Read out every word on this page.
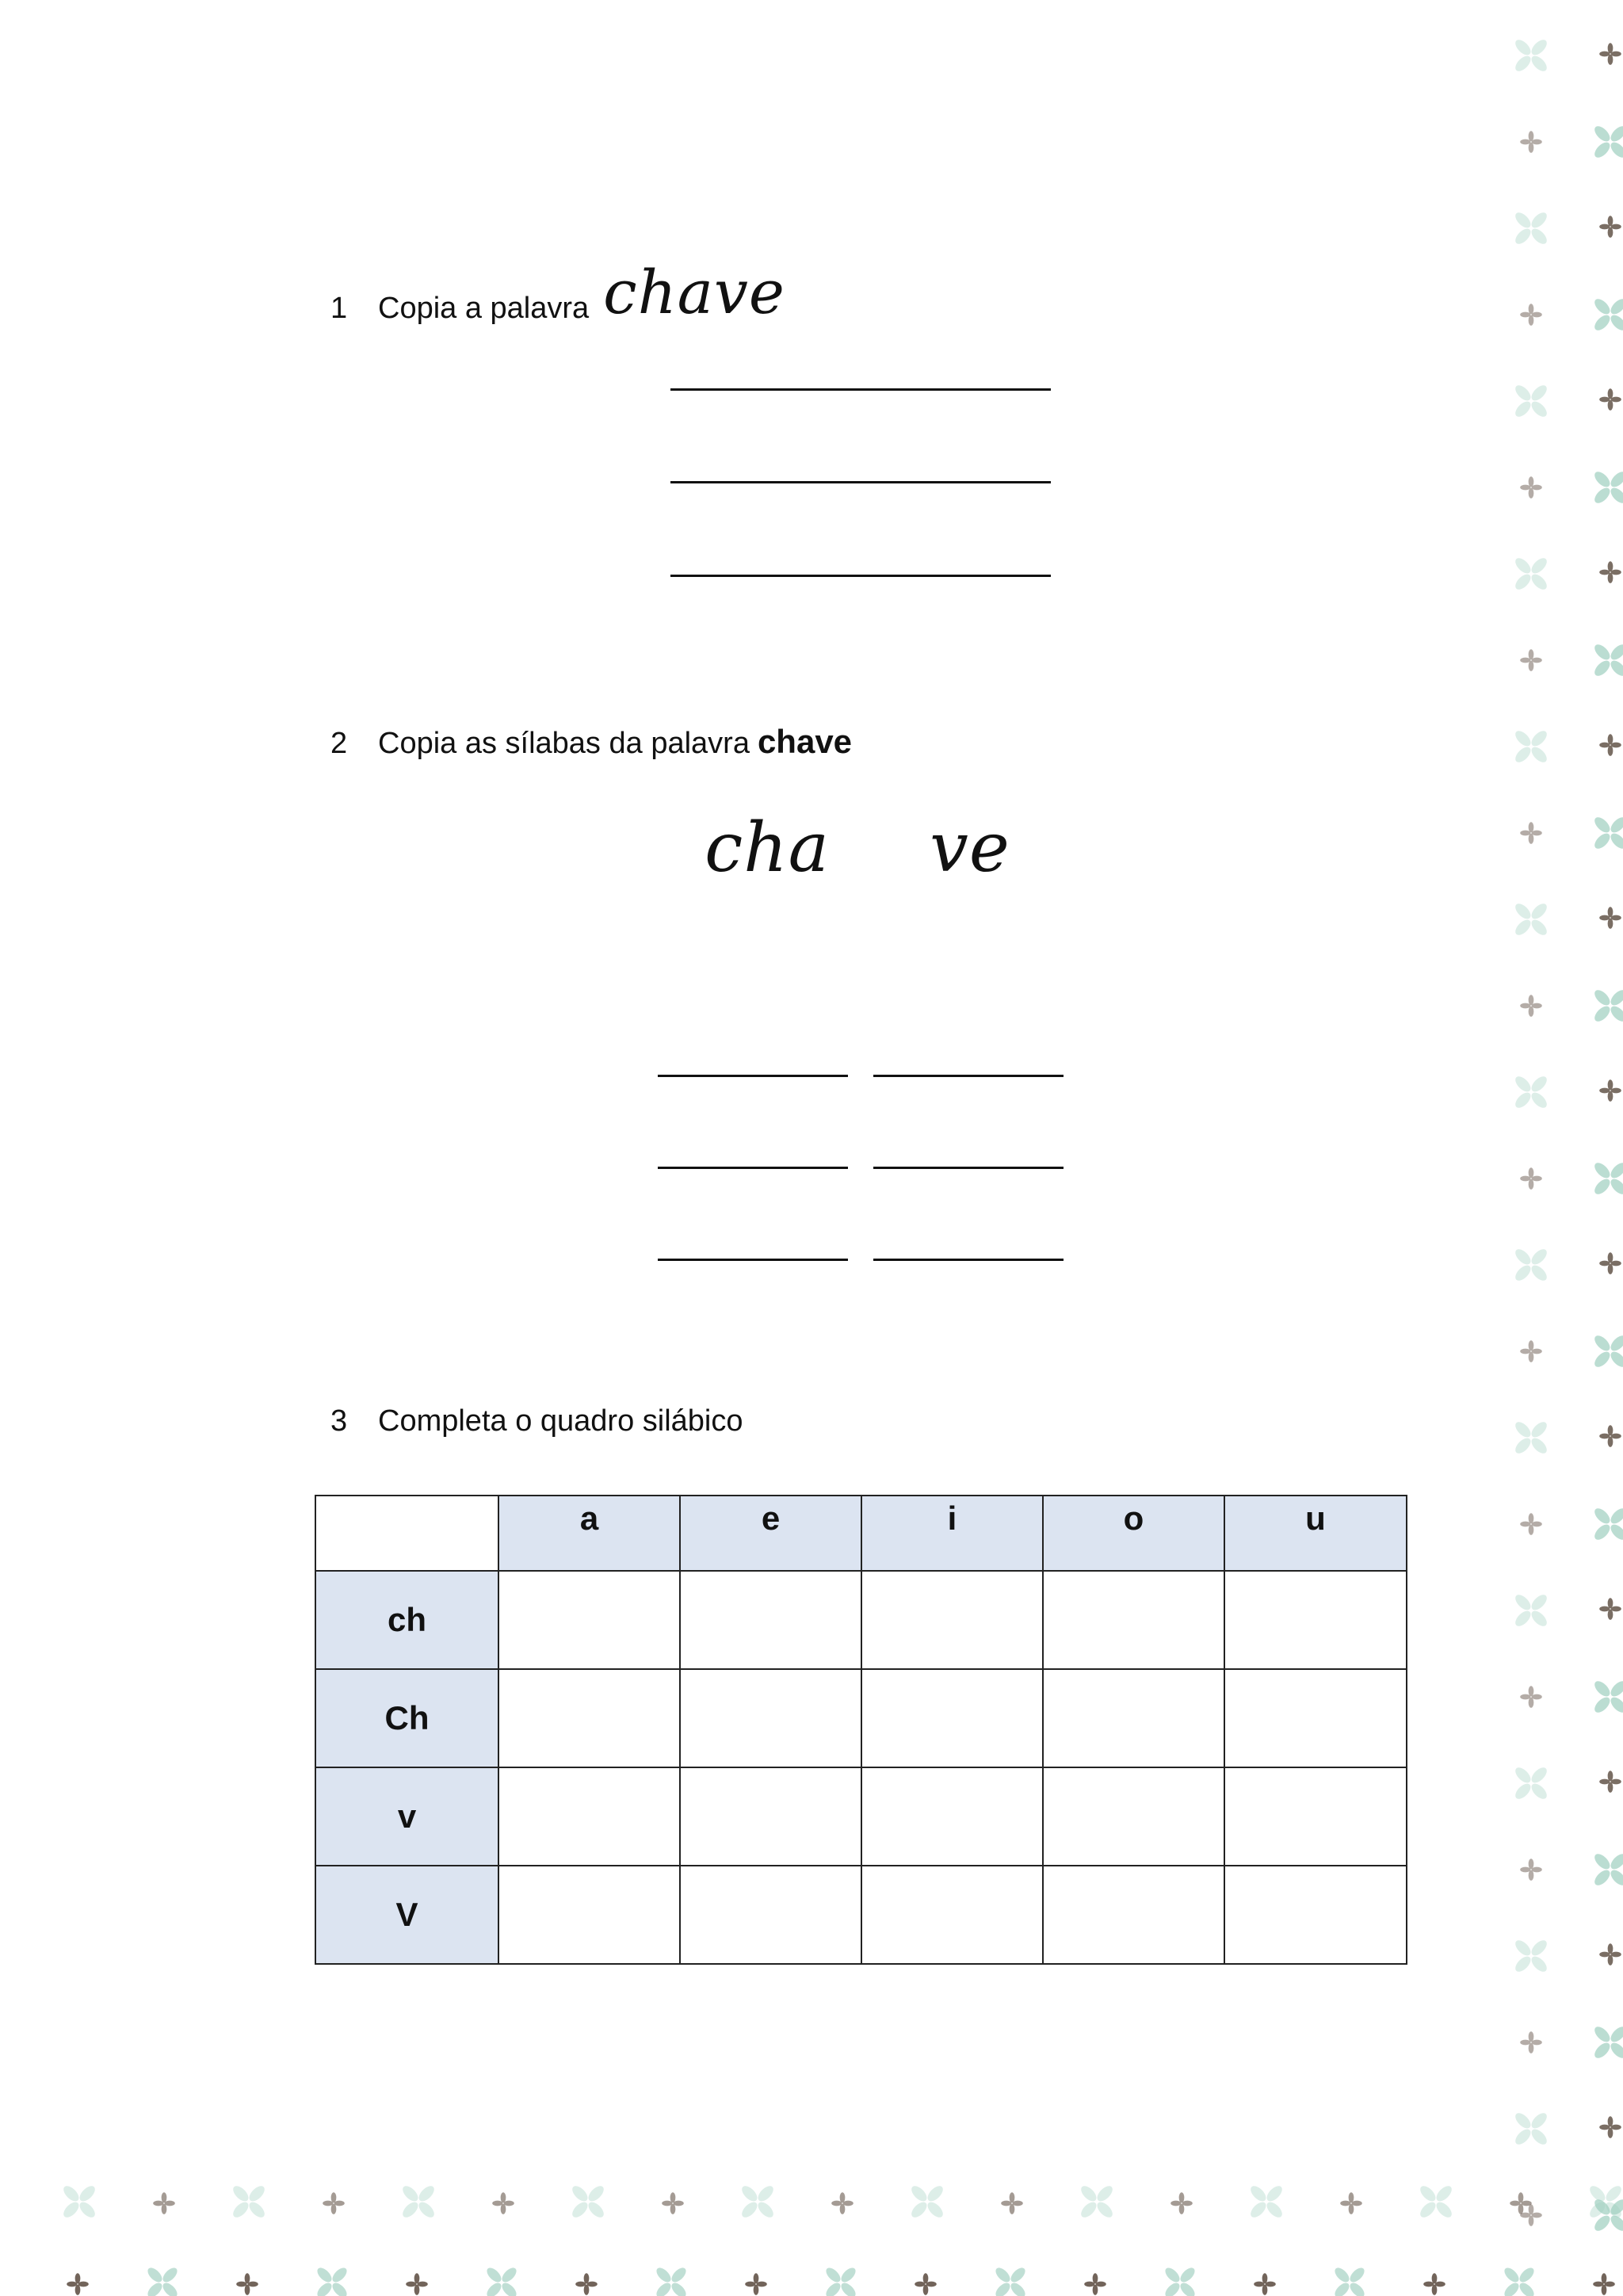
1	Copia a palavra chave
2	Copia as sílabas da palavra chave
cha	ve
3	Completa o quadro silábico
	a	e	i	o	u
ch					
Ch					
v					
V					
